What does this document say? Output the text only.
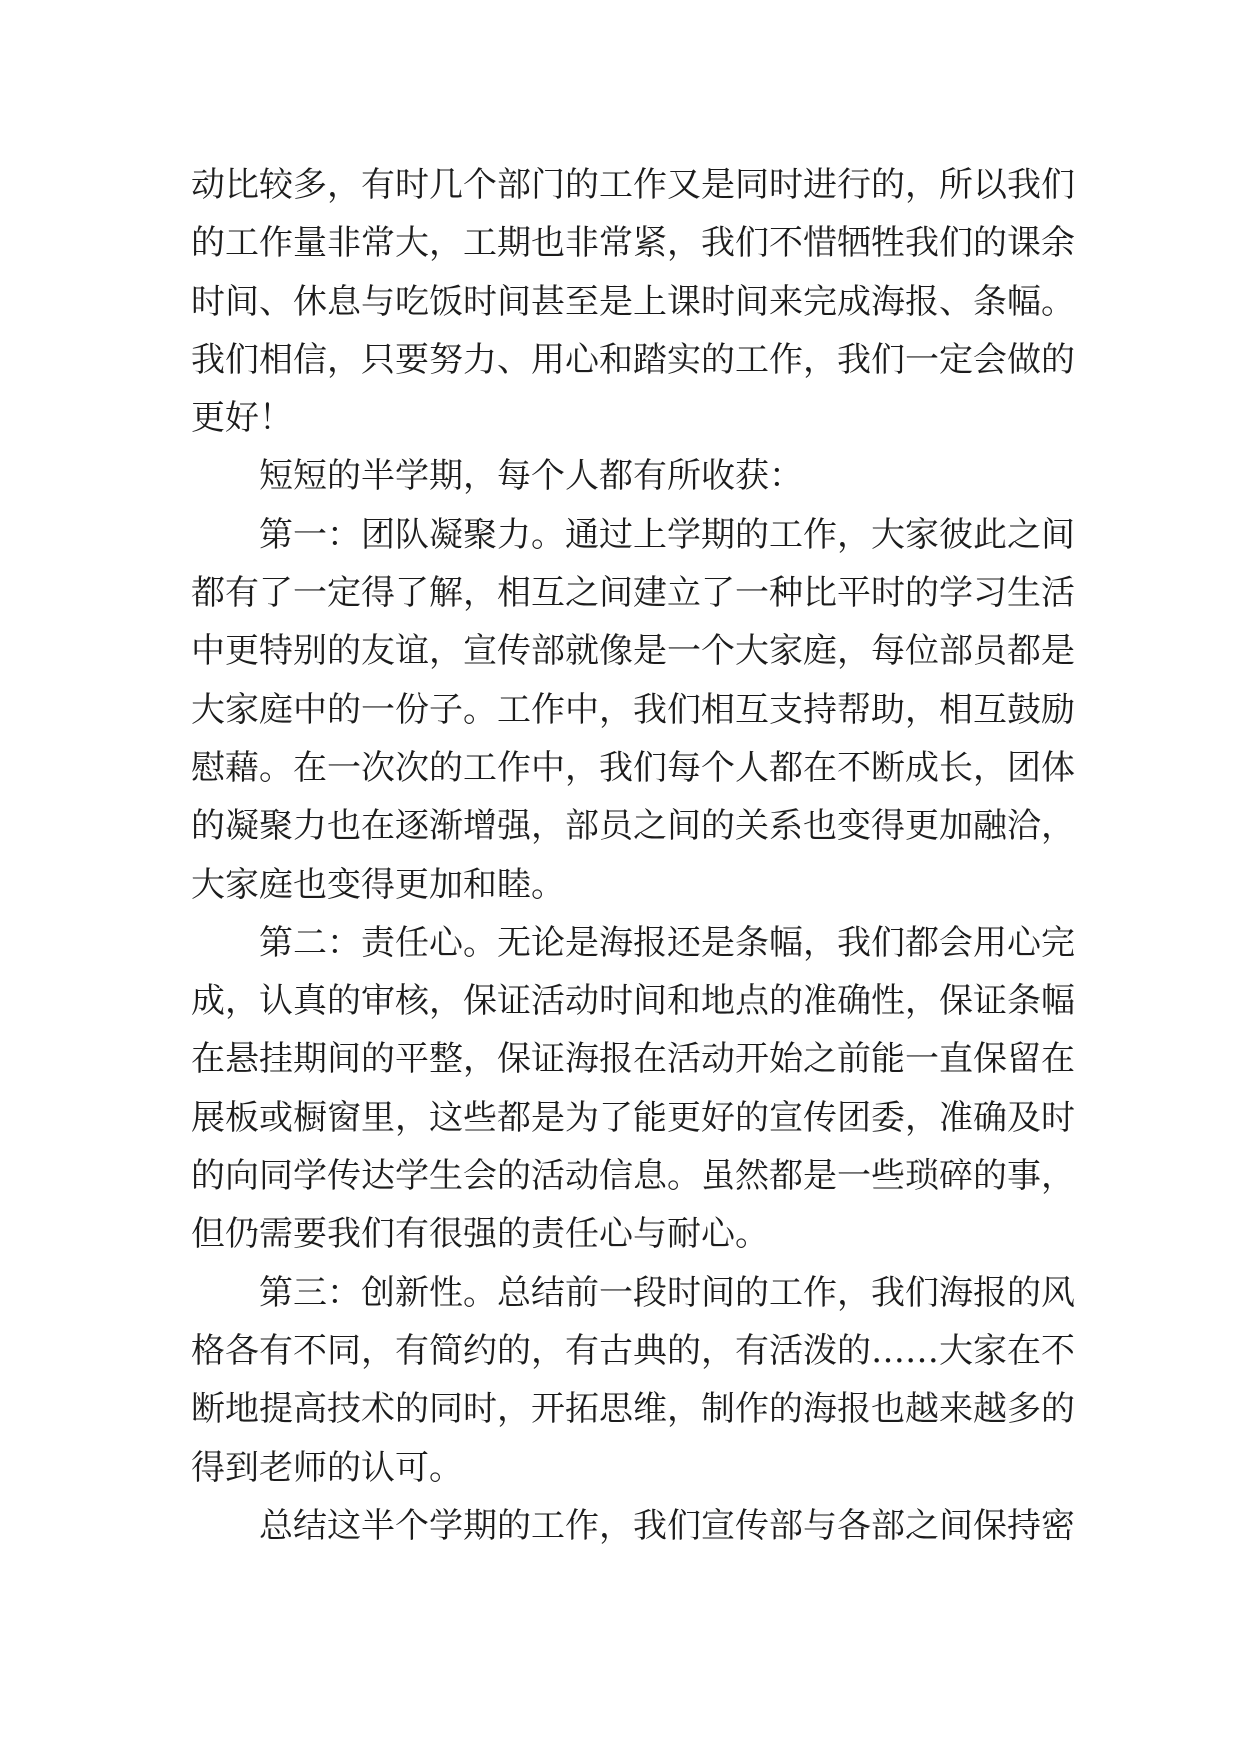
动比较多，有时几个部门的工作又是同时进行的，所以我们
的工作量非常大，工期也非常紧，我们不惜牺牲我们的课余
时间、休息与吃饭时间甚至是上课时间来完成海报、条幅。
我们相信，只要努力、用心和踏实的工作，我们一定会做的
更好！
短短的半学期，每个人都有所收获：
第一：团队凝聚力。通过上学期的工作，大家彼此之间
都有了一定得了解，相互之间建立了一种比平时的学习生活
中更特别的友谊，宣传部就像是一个大家庭，每位部员都是
大家庭中的一份子。工作中，我们相互支持帮助，相互鼓励
慰藉。在一次次的工作中，我们每个人都在不断成长，团体
的凝聚力也在逐渐增强，部员之间的关系也变得更加融洽，
大家庭也变得更加和睦。
第二：责任心。无论是海报还是条幅，我们都会用心完
成，认真的审核，保证活动时间和地点的准确性，保证条幅
在悬挂期间的平整，保证海报在活动开始之前能一直保留在
展板或橱窗里，这些都是为了能更好的宣传团委，准确及时
的向同学传达学生会的活动信息。虽然都是一些琐碎的事，
但仍需要我们有很强的责任心与耐心。
第三：创新性。总结前一段时间的工作，我们海报的风
格各有不同，有简约的，有古典的，有活泼的……大家在不
断地提高技术的同时，开拓思维，制作的海报也越来越多的
得到老师的认可。
总结这半个学期的工作，我们宣传部与各部之间保持密
